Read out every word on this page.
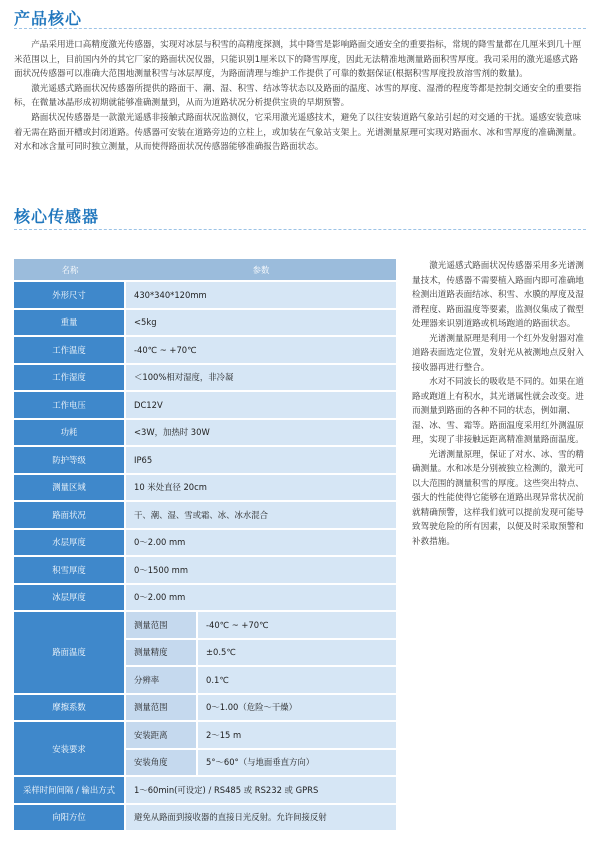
产品核心

产品采用进口高精度激光传感器，实现对冰层与积雪的高精度探测，其中降雪是影响路面交通安全的重要指标，常规的降雪量都在几厘米到几十厘米范围以上，目前国内外的其它厂家的路面状况仪器，只能识别1厘米以下的降雪厚度，因此无法精准地测量路面积雪厚度。我司采用的激光遥感式路面状况传感器可以准确大范围地测量积雪与冰层厚度，为路面清理与维护工作提供了可靠的数据保证(根据积雪厚度投放溶雪剂的数量)。

激光遥感式路面状况传感器所提供的路面干、潮、湿、积雪、结冰等状态以及路面的温度、冰雪的厚度、湿滑的程度等都是控制交通安全的重要指标，在微量冰晶形成初期就能够准确测量到，从而为道路状况分析提供宝贵的早期预警。

路面状况传感器是一款激光遥感非接触式路面状况监测仪，它采用激光遥感技术，避免了以往安装道路气象站引起的对交通的干扰。遥感安装意味着无需在路面开槽或封闭道路。传感器可安装在道路旁边的立柱上，或加装在气象站支架上。光谱测量原理可实现对路面水、冰和雪厚度的准确测量。对水和冰含量可同时独立测量，从而使得路面状况传感器能够准确报告路面状态。

核心传感器
名称	参数	
外形尺寸	430*340*120mm	
重量	<5kg	
工作温度	-40℃ ~ +70℃	
工作湿度	＜100%相对湿度，非冷凝	
工作电压	DC12V	
功耗	<3W，加热时 30W	
防护等级	IP65	
测量区域	10 米处直径 20cm	
路面状况	干、潮、湿、雪或霜、冰、冰水混合	
水层厚度	0～2.00 mm	
积雪厚度	0～1500 mm	
冰层厚度	0～2.00 mm	
路面温度	测量范围	-40℃ ~ +70℃
	测量精度	±0.5℃
	分辨率	0.1℃
摩擦系数	测量范围	0～1.00（危险～干燥）
安装要求	安装距离	2～15 m
	安装角度	5°～60°（与地面垂直方向）
采样时间间隔 / 输出方式	1～60min(可设定) / RS485 或 RS232 或 GPRS	
向阳方位	避免从路面到接收器的直接日光反射。允许间接反射	

激光遥感式路面状况传感器采用多光谱测量技术，传感器不需要植入路面内即可准确地检测出道路表面结冰、积雪、水膜的厚度及湿滑程度、路面温度等要素，监测仪集成了微型处理器来识别道路或机场跑道的路面状态。

光谱测量原理是利用一个红外发射器对准道路表面选定位置，发射光从被测地点反射入接收器再进行整合。

水对不同波长的吸收是不同的。如果在道路或跑道上有积水，其光谱属性就会改变。进而测量到路面的各种不同的状态，例如潮、湿、冰、雪、霜等。路面温度采用红外测温原理，实现了非接触远距离精准测量路面温度。

光谱测量原理，保证了对水、冰、雪的精确测量。水和冰是分别被独立检测的，激光可以大范围的测量积雪的厚度。这些突出特点、强大的性能使得它能够在道路出现异常状况前就精确预警，这样我们就可以提前发现可能导致驾驶危险的所有因素，以便及时采取预警和补救措施。
